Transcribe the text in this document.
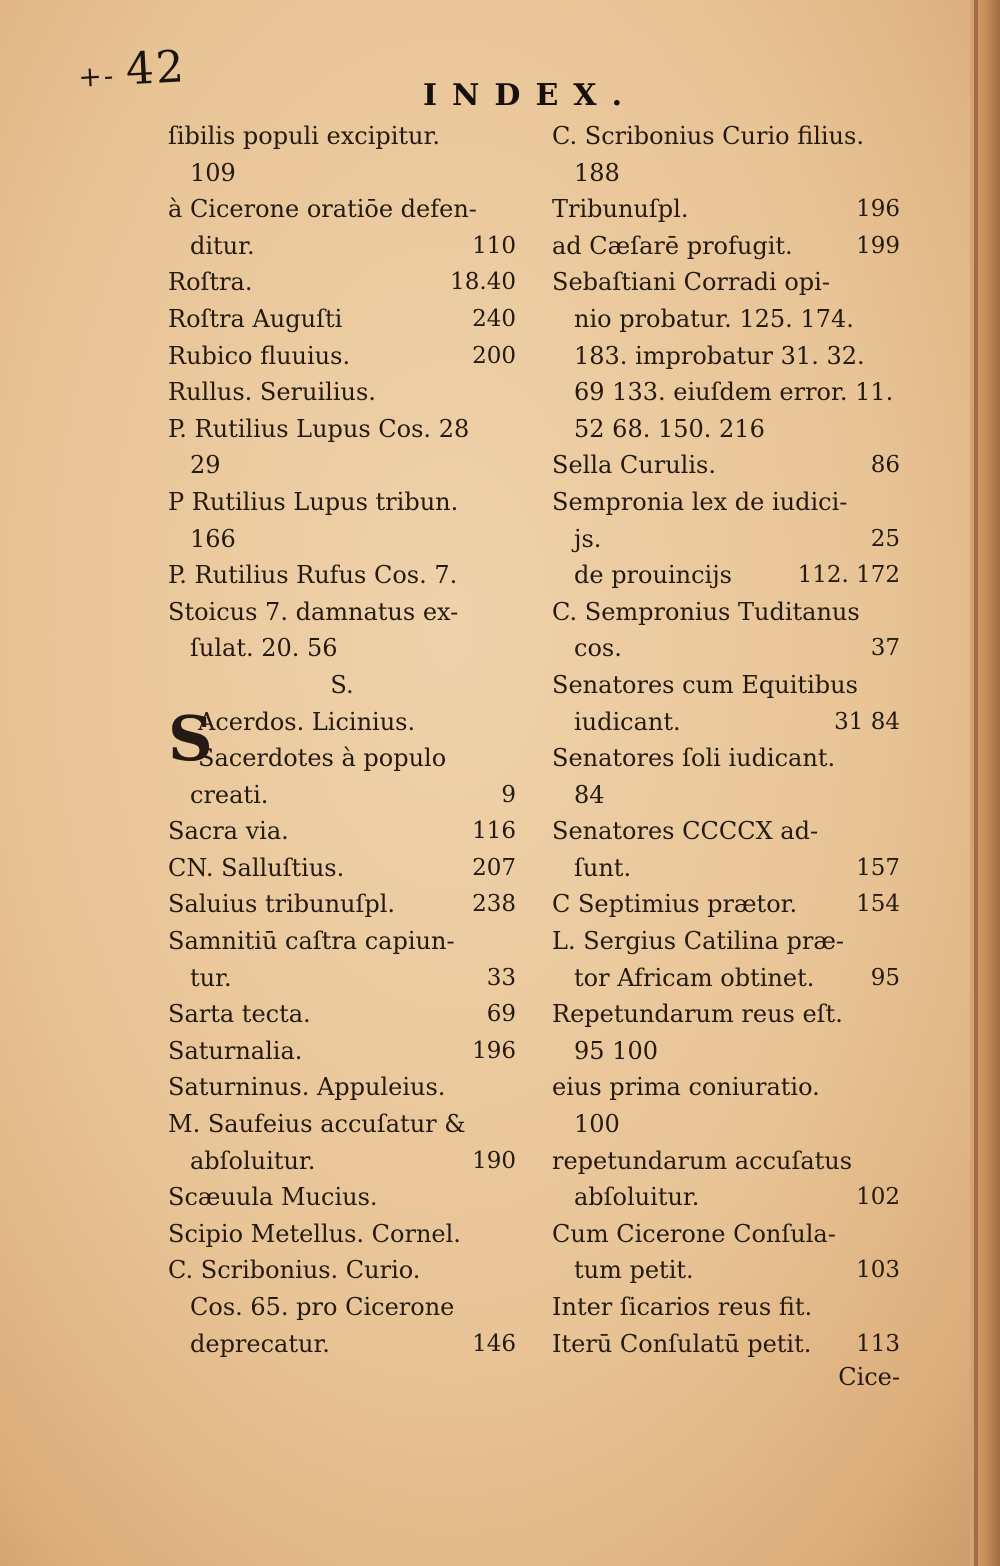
+- 42
INDEX.
ſibilis populi excipitur.
109
à Cicerone oratiōe defen-
ditur.	110
Roſtra.	18.40
Roſtra Auguſti	240
Rubico fluuius.	200
Rullus. Seruilius.
P. Rutilius Lupus Cos. 28
29
P Rutilius Lupus tribun.
166
P. Rutilius Rufus Cos. 7.
Stoicus 7. damnatus ex-
ſulat. 20. 56
S.
S
Acerdos. Licinius.
Sacerdotes à populo
creati.	9
Sacra via.	116
CN. Salluſtius.	207
Saluius tribunuſpl.	238
Samnitiū caſtra capiun-
tur.	33
Sarta tecta.	69
Saturnalia.	196
Saturninus. Appuleius.
M. Saufeius accuſatur &
abſoluitur.	190
Scæuula Mucius.
Scipio Metellus. Cornel.
C. Scribonius. Curio.
Cos. 65. pro Cicerone
deprecatur.	146
C. Scribonius Curio filius.
188
Tribunuſpl.	196
ad Cæſarē profugit.	199
Sebaſtiani Corradi opi-
nio probatur. 125. 174.
183. improbatur 31. 32.
69 133. eiuſdem error. 11.
52 68. 150. 216
Sella Curulis.	86
Sempronia lex de iudici-
js.	25
de prouincijs	112. 172
C. Sempronius Tuditanus
cos.	37
Senatores cum Equitibus
iudicant.	31 84
Senatores ſoli iudicant.
84
Senatores CCCCX ad-
ſunt.	157
C Septimius prætor.	154
L. Sergius Catilina præ-
tor Africam obtinet. 95
Repetundarum reus eſt.
95 100
eius prima coniuratio.
100
repetundarum accuſatus
abſoluitur.	102
Cum Cicerone Conſula-
tum petit.	103
Inter ſicarios reus fit.
Iterū Conſulatū petit. 113
Cice-
